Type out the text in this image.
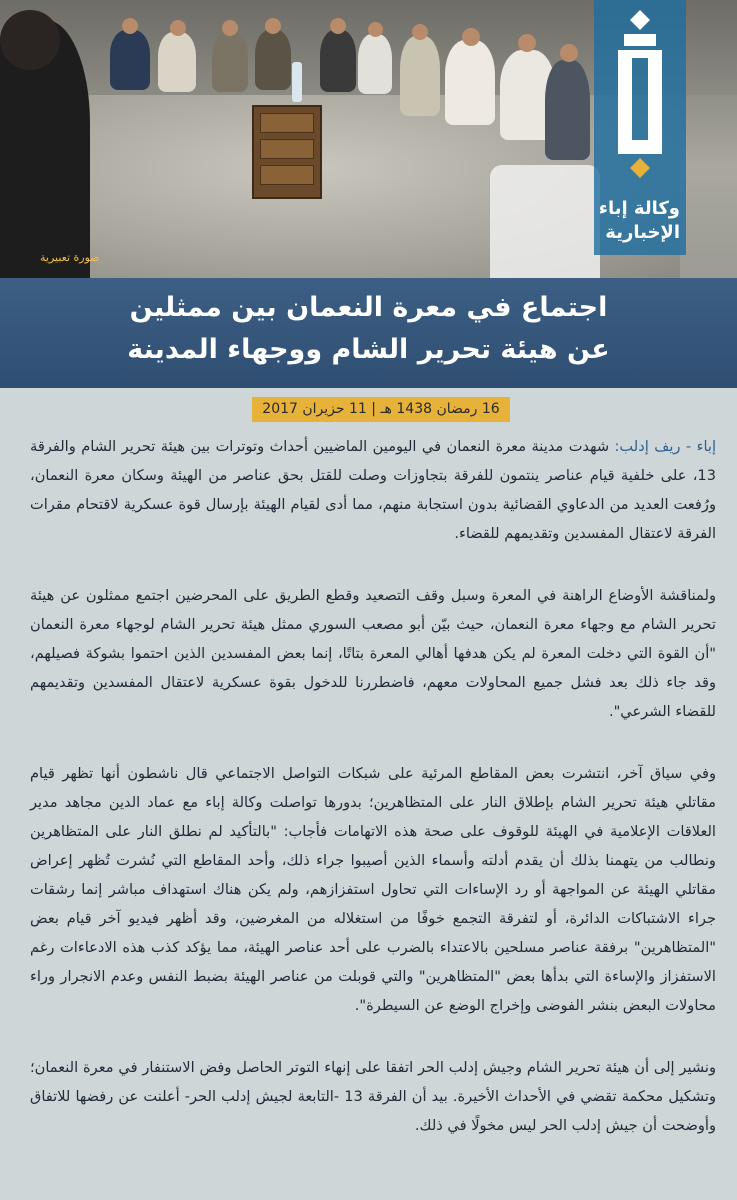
صورة تعبيرية
وكالة إباء
الإخبارية
اجتماع في معرة النعمان بين ممثلين
عن هيئة تحرير الشام ووجهاء المدينة
16 رمضان 1438 هـ | 11 حزيران 2017

إباء - ريف إدلب: شهدت مدينة معرة النعمان في اليومين الماضيين أحداث وتوترات بين هيئة تحرير الشام والفرقة 13، على خلفية قيام عناصر ينتمون للفرقة بتجاوزات وصلت للقتل بحق عناصر من الهيئة وسكان معرة النعمان، ورُفعت العديد من الدعاوي القضائية بدون استجابة منهم، مما أدى لقيام الهيئة بإرسال قوة عسكرية لاقتحام مقرات الفرقة لاعتقال المفسدين وتقديمهم للقضاء.

ولمناقشة الأوضاع الراهنة في المعرة وسبل وقف التصعيد وقطع الطريق على المحرضين اجتمع ممثلون عن هيئة تحرير الشام مع وجهاء معرة النعمان، حيث بيّن أبو مصعب السوري ممثل هيئة تحرير الشام لوجهاء معرة النعمان "أن القوة التي دخلت المعرة لم يكن هدفها أهالي المعرة بتاتًا، إنما بعض المفسدين الذين احتموا بشوكة فصيلهم، وقد جاء ذلك بعد فشل جميع المحاولات معهم، فاضطررنا للدخول بقوة عسكرية لاعتقال المفسدين وتقديمهم للقضاء الشرعي".

وفي سياق آخر، انتشرت بعض المقاطع المرئية على شبكات التواصل الاجتماعي قال ناشطون أنها تظهر قيام مقاتلي هيئة تحرير الشام بإطلاق النار على المتظاهرين؛ بدورها تواصلت وكالة إباء مع عماد الدين مجاهد مدير العلاقات الإعلامية في الهيئة للوقوف على صحة هذه الاتهامات فأجاب: "بالتأكيد لم نطلق النار على المتظاهرين ونطالب من يتهمنا بذلك أن يقدم أدلته وأسماء الذين أصيبوا جراء ذلك، وأحد المقاطع التي نُشرت تُظهر إعراض مقاتلي الهيئة عن المواجهة أو رد الإساءات التي تحاول استفزازهم، ولم يكن هناك استهداف مباشر إنما رشقات جراء الاشتباكات الدائرة، أو لتفرقة التجمع خوفًا من استغلاله من المغرضين، وقد أظهر فيديو آخر قيام بعض "المتظاهرين" برفقة عناصر مسلحين بالاعتداء بالضرب على أحد عناصر الهيئة، مما يؤكد كذب هذه الادعاءات رغم الاستفزاز والإساءة التي بدأها بعض "المتظاهرين" والتي قوبلت من عناصر الهيئة بضبط النفس وعدم الانجرار وراء محاولات البعض بنشر الفوضى وإخراج الوضع عن السيطرة".

ونشير إلى أن هيئة تحرير الشام وجيش إدلب الحر اتفقا على إنهاء التوتر الحاصل وفض الاستنفار في معرة النعمان؛ وتشكيل محكمة تقضي في الأحداث الأخيرة. بيد أن الفرقة 13 -التابعة لجيش إدلب الحر- أعلنت عن رفضها للاتفاق وأوضحت أن جيش إدلب الحر ليس مخولًا في ذلك.
